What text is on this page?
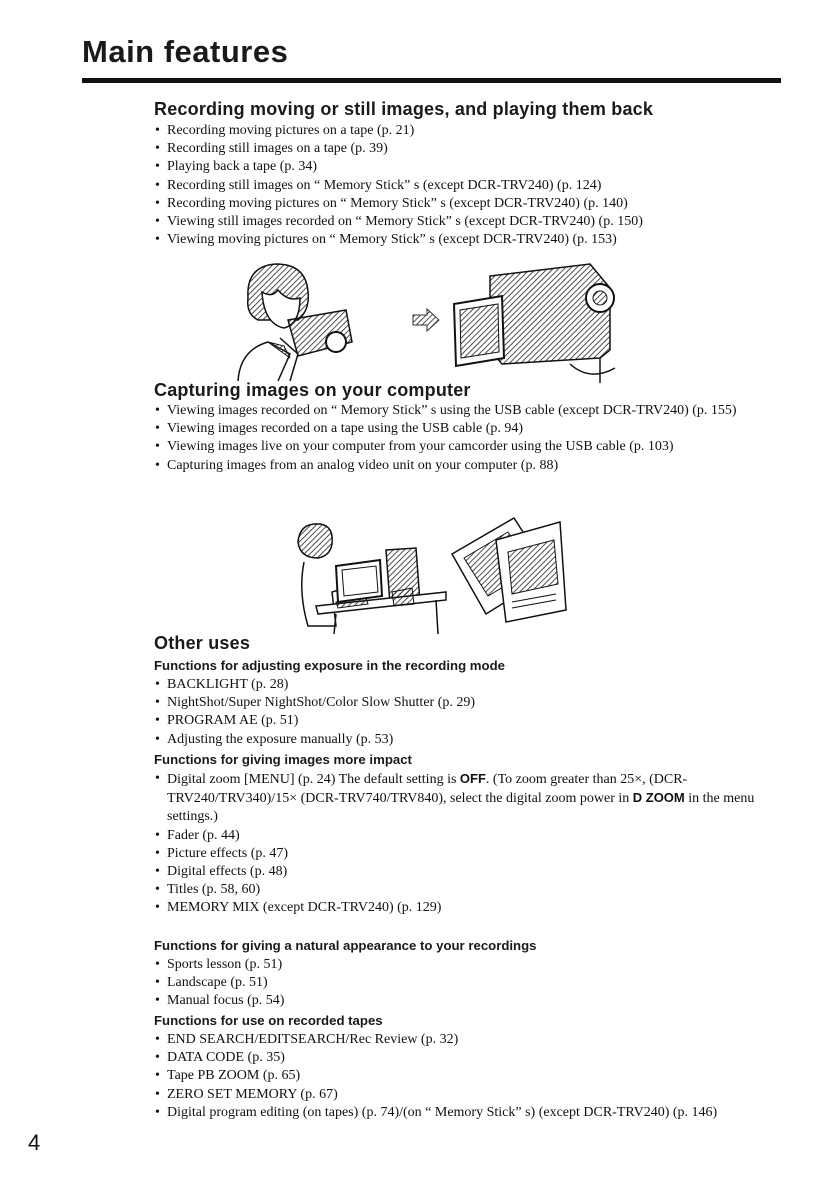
Main features
Recording moving or still images, and playing them back
• Recording moving pictures on a tape (p. 21)
• Recording still images on a tape (p. 39)
• Playing back a tape (p. 34)
• Recording still images on “ Memory Stick” s (except DCR-TRV240) (p. 124)
• Recording moving pictures on “ Memory Stick” s (except DCR-TRV240) (p. 140)
• Viewing still images recorded on “ Memory Stick” s (except DCR-TRV240) (p. 150)
• Viewing moving pictures on “ Memory Stick” s (except DCR-TRV240) (p. 153)
Capturing images on your computer
• Viewing images recorded on “ Memory Stick” s using the USB cable (except DCR-TRV240) (p. 155)
• Viewing images recorded on a tape using the USB cable (p. 94)
• Viewing images live on your computer from your camcorder using the USB cable (p. 103)
• Capturing images from an analog video unit on your computer (p. 88)
Other uses
Functions for adjusting exposure in the recording mode
• BACKLIGHT (p. 28)
• NightShot/Super NightShot/Color Slow Shutter (p. 29)
• PROGRAM AE (p. 51)
• Adjusting the exposure manually (p. 53)
Functions for giving images more impact
• Digital zoom [MENU] (p. 24) The default setting is OFF. (To zoom greater than 25×, (DCR-TRV240/TRV340)/15× (DCR-TRV740/TRV840), select the digital zoom power in D ZOOM in the menu settings.)
• Fader (p. 44)
• Picture effects (p. 47)
• Digital effects (p. 48)
• Titles (p. 58, 60)
• MEMORY MIX (except DCR-TRV240) (p. 129)
Functions for giving a natural appearance to your recordings
• Sports lesson (p. 51)
• Landscape (p. 51)
• Manual focus (p. 54)
Functions for use on recorded tapes
• END SEARCH/EDITSEARCH/Rec Review (p. 32)
• DATA CODE (p. 35)
• Tape PB ZOOM (p. 65)
• ZERO SET MEMORY (p. 67)
• Digital program editing (on tapes) (p. 74)/(on “ Memory Stick” s) (except DCR-TRV240) (p. 146)
4
